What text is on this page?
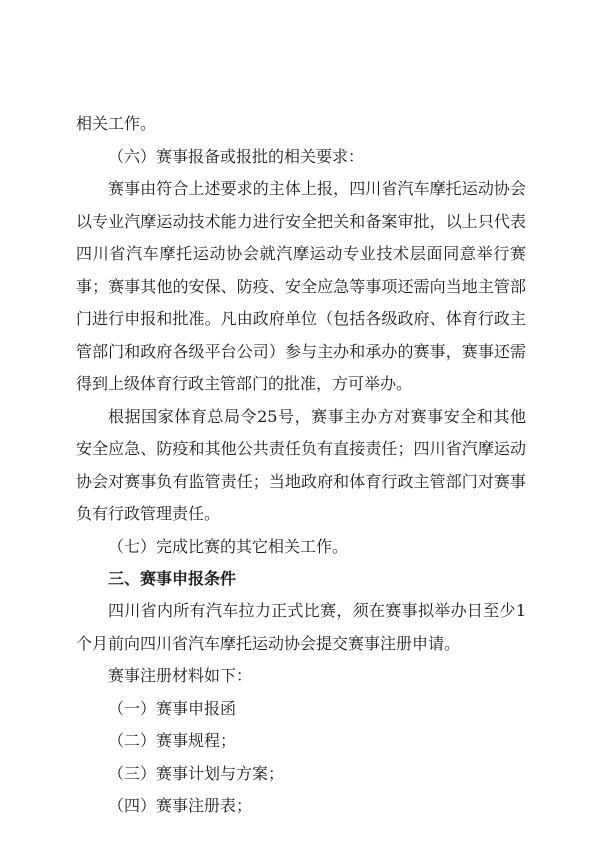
相关工作。
（六）赛事报备或报批的相关要求：
赛事由符合上述要求的主体上报，四川省汽车摩托运动协会
以专业汽摩运动技术能力进行安全把关和备案审批，以上只代表
四川省汽车摩托运动协会就汽摩运动专业技术层面同意举行赛
事；赛事其他的安保、防疫、安全应急等事项还需向当地主管部
门进行申报和批准。凡由政府单位（包括各级政府、体育行政主
管部门和政府各级平台公司）参与主办和承办的赛事，赛事还需
得到上级体育行政主管部门的批准，方可举办。
根据国家体育总局令25号，赛事主办方对赛事安全和其他
安全应急、防疫和其他公共责任负有直接责任；四川省汽摩运动
协会对赛事负有监管责任；当地政府和体育行政主管部门对赛事
负有行政管理责任。
（七）完成比赛的其它相关工作。
三、赛事申报条件
四川省内所有汽车拉力正式比赛，须在赛事拟举办日至少1
个月前向四川省汽车摩托运动协会提交赛事注册申请。
赛事注册材料如下：
（一）赛事申报函
（二）赛事规程；
（三）赛事计划与方案；
（四）赛事注册表；
